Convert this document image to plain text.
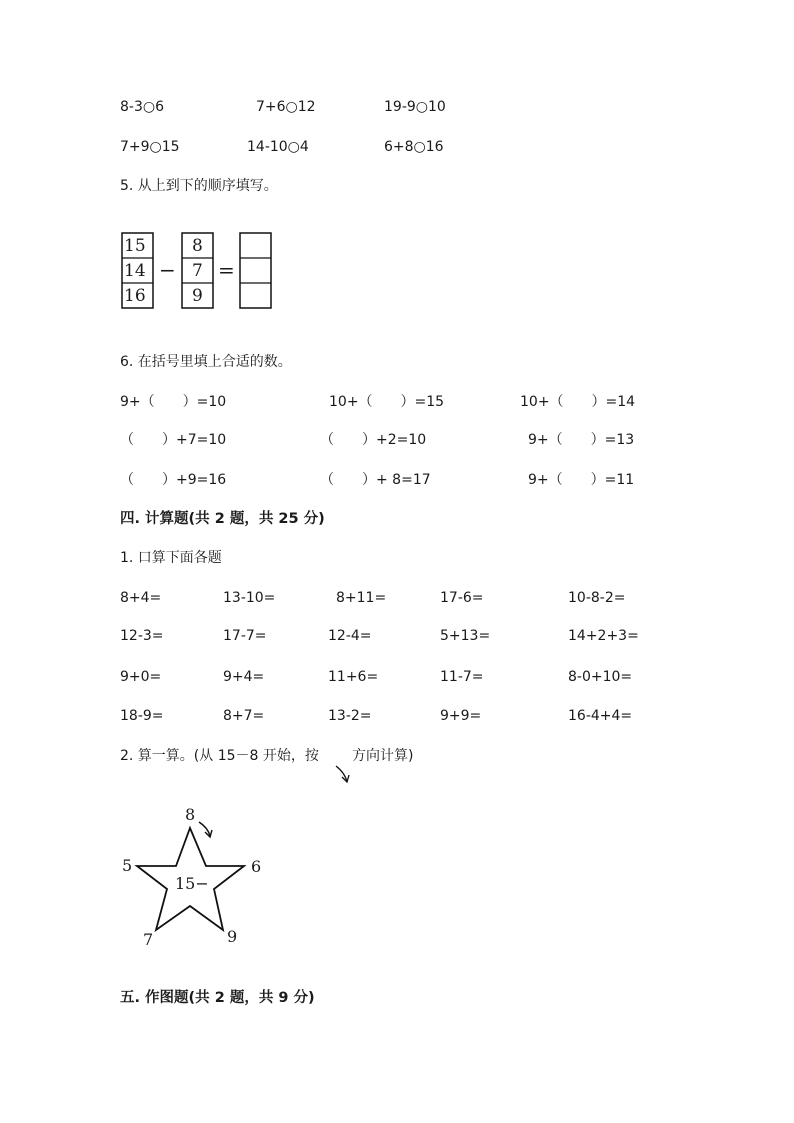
8-3○6	7+6○12	19-9○10
7+9○15	14-10○4	6+8○16
5. 从上到下的顺序填写。
15
14
16
8
7
9
− =
6. 在括号里填上合适的数。
9+（　　）=10	10+（　　）=15	10+（　　）=14
（　　）+7=10	（　　）+2=10	9+（　　）=13
（　　）+9=16	（　　）+ 8=17	9+（　　）=11
四. 计算题(共 2 题，共 25 分)
1. 口算下面各题
8+4=	13-10=	8+11=	17-6=	10-8-2=
12-3=	17-7=	12-4=	5+13=	14+2+3=
9+0=	9+4=	11+6=	11-7=	8-0+10=
18-9=	8+7=	13-2=	9+9=	16-4+4=
2. 算一算。(从 15－8 开始，按 方向计算)
15−
8
6
9
7
5
五. 作图题(共 2 题，共 9 分)
